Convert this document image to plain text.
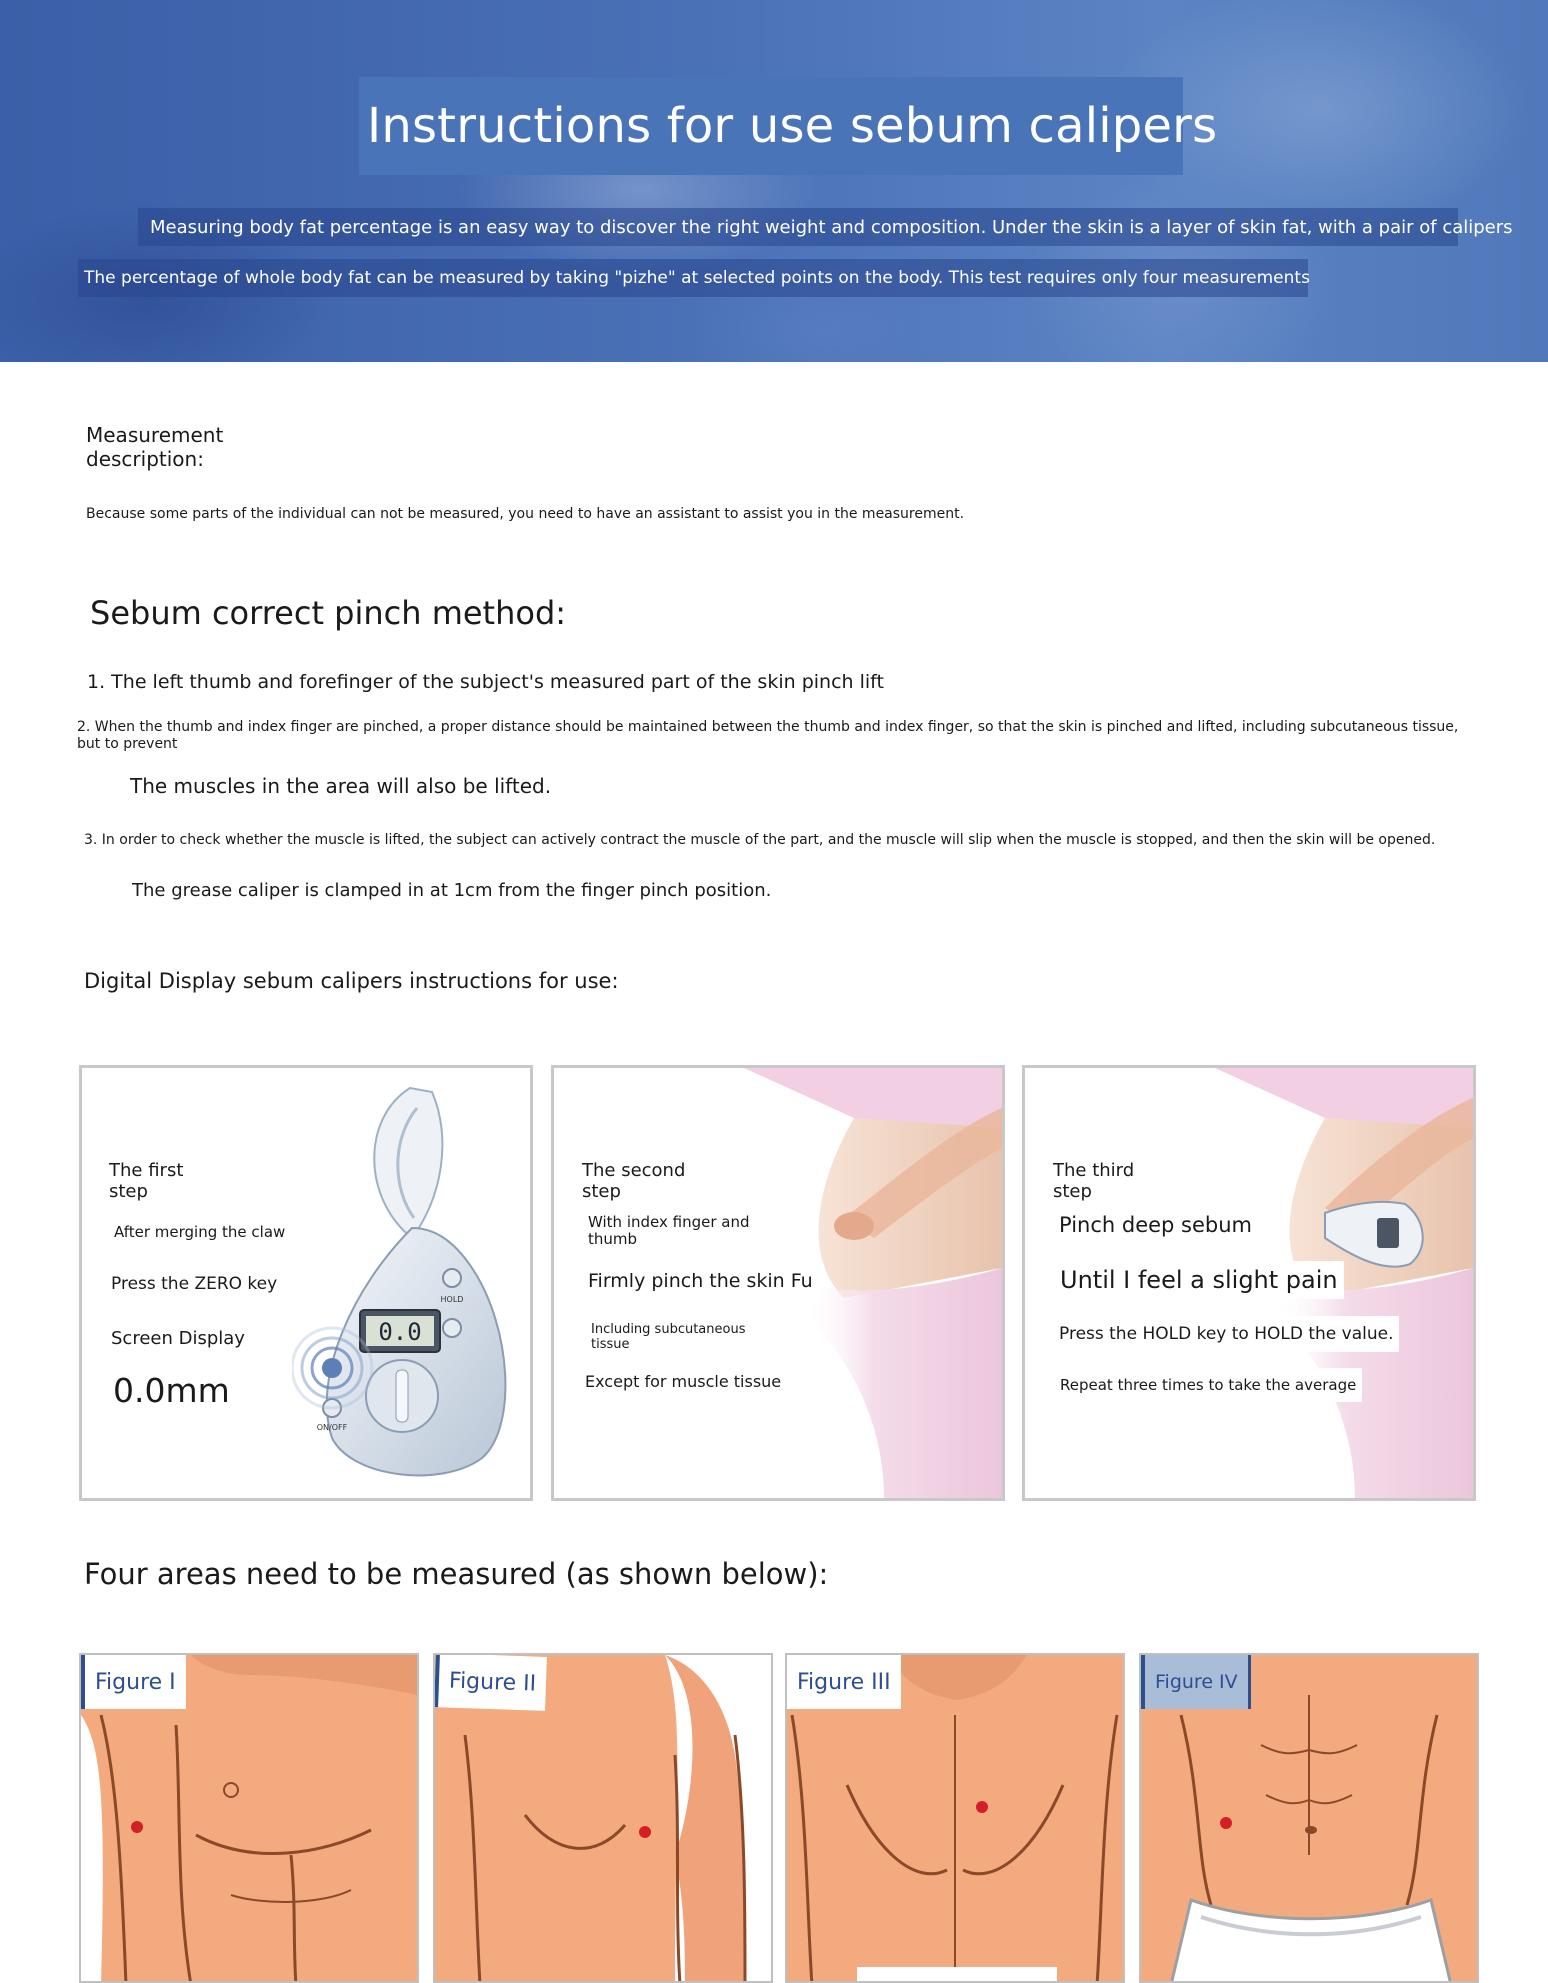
Instructions for use sebum calipers
Measuring body fat percentage is an easy way to discover the right weight and composition. Under the skin is a layer of skin fat, with a pair of calipers
The percentage of whole body fat can be measured by taking "pizhe" at selected points on the body. This test requires only four measurements
Measurement description:
Because some parts of the individual can not be measured, you need to have an assistant to assist you in the measurement.
Sebum correct pinch method:
1. The left thumb and forefinger of the subject's measured part of the skin pinch lift
2. When the thumb and index finger are pinched, a proper distance should be maintained between the thumb and index finger, so that the skin is pinched and lifted, including subcutaneous tissue, but to prevent
The muscles in the area will also be lifted.
3. In order to check whether the muscle is lifted, the subject can actively contract the muscle of the part, and the muscle will slip when the muscle is stopped, and then the skin will be opened.
The grease caliper is clamped in at 1cm from the finger pinch position.
Digital Display sebum calipers instructions for use:
0.0
HOLD
ON/OFF
The first step
After merging the claw
Press the ZERO key
Screen Display
0.0mm
The second step
With index finger and thumb
Firmly pinch the skin Fu
Including subcutaneous tissue
Except for muscle tissue
The third step
Pinch deep sebum
Until I feel a slight pain
Press the HOLD key to HOLD the value.
Repeat three times to take the average
Four areas need to be measured (as shown below):
Figure I	Figure II	Figure III	Figure IV
